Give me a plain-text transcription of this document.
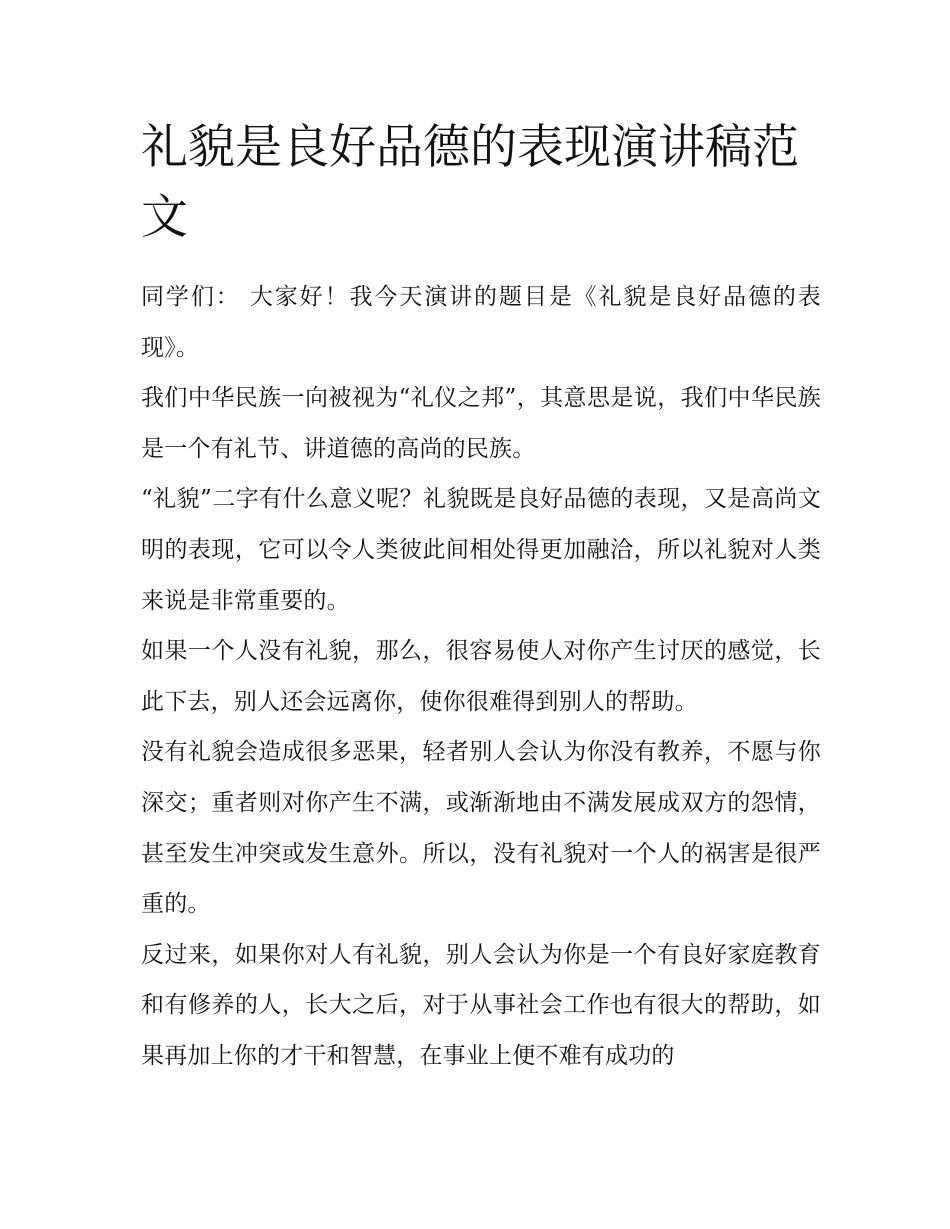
礼貌是良好品德的表现演讲稿范文

同学们： 大家好！我今天演讲的题目是《礼貌是良好品德的表现》。

我们中华民族一向被视为“礼仪之邦”，其意思是说，我们中华民族是一个有礼节、讲道德的高尚的民族。

“礼貌”二字有什么意义呢？礼貌既是良好品德的表现，又是高尚文明的表现，它可以令人类彼此间相处得更加融洽，所以礼貌对人类来说是非常重要的。

如果一个人没有礼貌，那么，很容易使人对你产生讨厌的感觉，长此下去，别人还会远离你，使你很难得到别人的帮助。

没有礼貌会造成很多恶果，轻者别人会认为你没有教养，不愿与你深交；重者则对你产生不满，或渐渐地由不满发展成双方的怨情，甚至发生冲突或发生意外。所以，没有礼貌对一个人的祸害是很严重的。

反过来，如果你对人有礼貌，别人会认为你是一个有良好家庭教育和有修养的人，长大之后，对于从事社会工作也有很大的帮助，如果再加上你的才干和智慧，在事业上便不难有成功的
